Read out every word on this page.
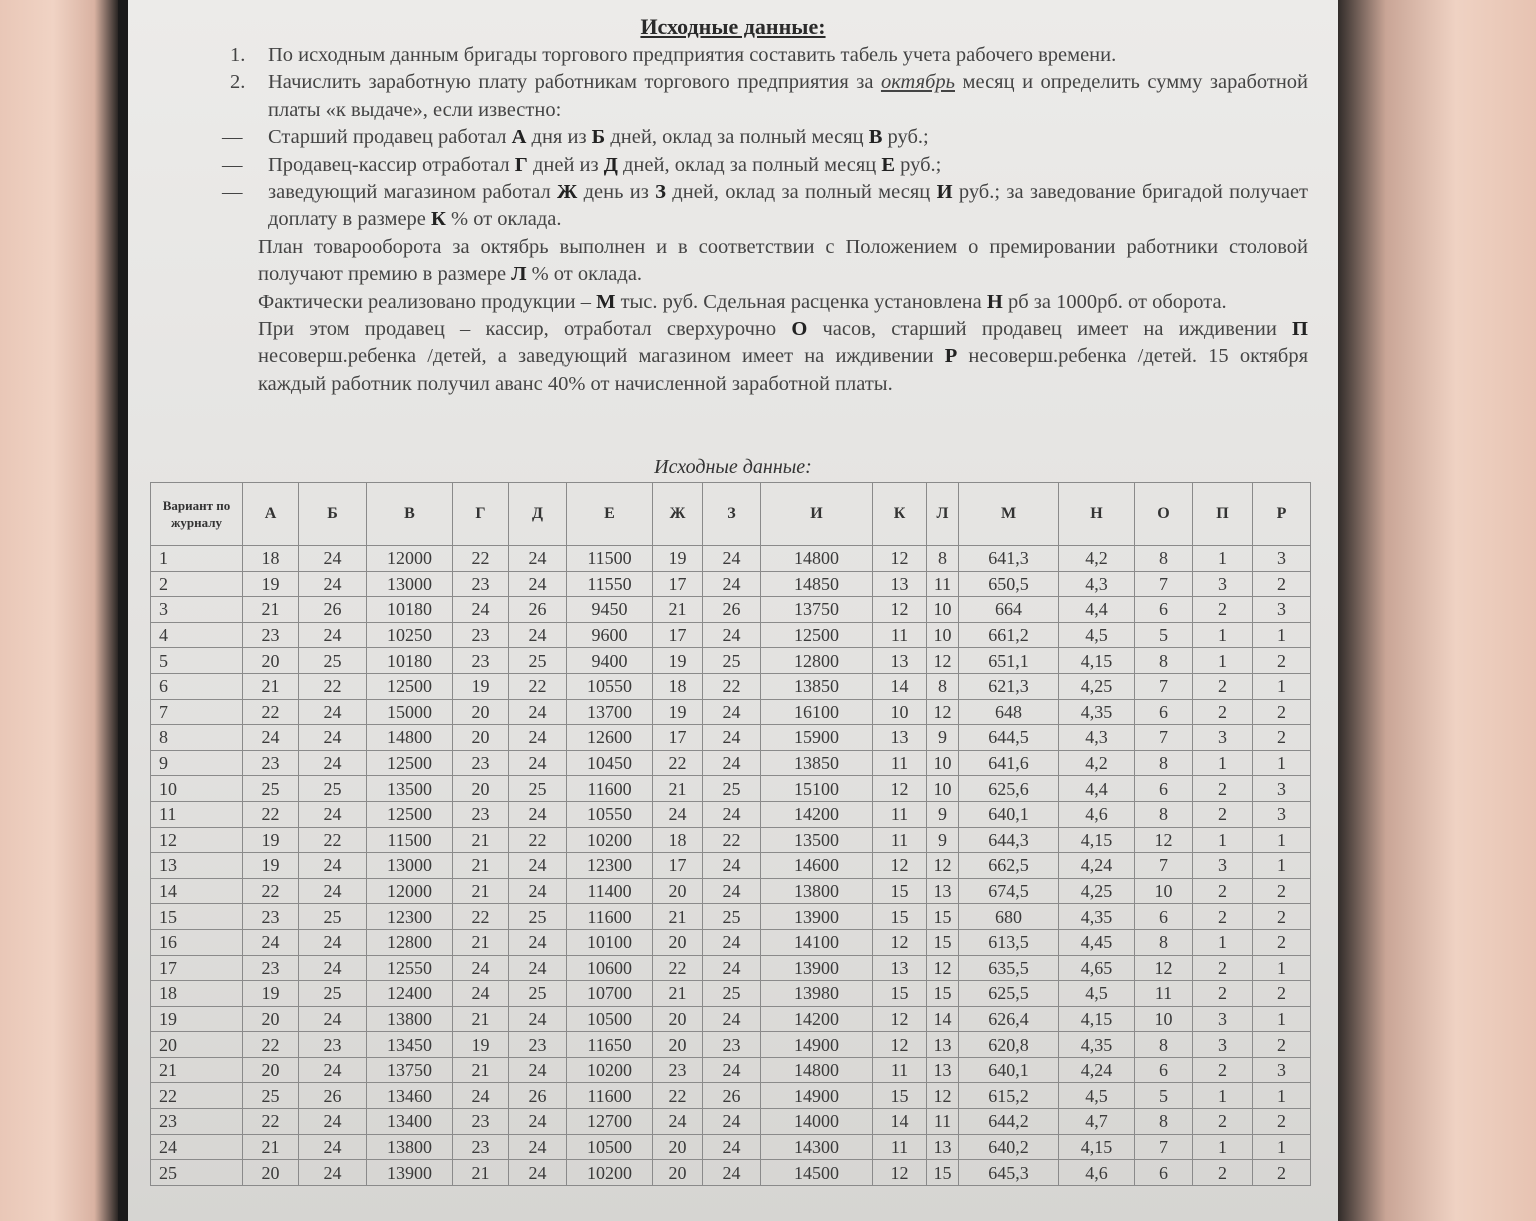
Исходные данные:

1. По исходным данным бригады торгового предприятия составить табель учета рабочего времени.

2. Начислить заработную плату работникам торгового предприятия за октябрь месяц и определить сумму заработной платы «к выдаче», если известно:

— Старший продавец работал А дня из Б дней, оклад за полный месяц В руб.;

— Продавец-кассир отработал Г дней из Д дней, оклад за полный месяц Е руб.;

— заведующий магазином работал Ж день из З дней, оклад за полный месяц И руб.; за заведование бригадой получает доплату в размере К % от оклада.

План товарооборота за октябрь выполнен и в соответствии с Положением о премировании работники столовой получают премию в размере Л % от оклада.

Фактически реализовано продукции – М тыс. руб. Сдельная расценка установлена Н рб за 1000рб. от оборота.

При этом продавец – кассир, отработал сверхурочно О часов, старший продавец имеет на иждивении П несоверш.ребенка /детей, а заведующий магазином имеет на иждивении Р несоверш.ребенка /детей. 15 октября каждый работник получил аванс 40% от начисленной заработной платы.

Исходные данные:
Вариант по журналу	А	Б	В	Г	Д	Е	Ж	З	И	К	Л	М	Н	О	П	Р
1	18	24	12000	22	24	11500	19	24	14800	12	8	641,3	4,2	8	1	3
2	19	24	13000	23	24	11550	17	24	14850	13	11	650,5	4,3	7	3	2
3	21	26	10180	24	26	9450	21	26	13750	12	10	664	4,4	6	2	3
4	23	24	10250	23	24	9600	17	24	12500	11	10	661,2	4,5	5	1	1
5	20	25	10180	23	25	9400	19	25	12800	13	12	651,1	4,15	8	1	2
6	21	22	12500	19	22	10550	18	22	13850	14	8	621,3	4,25	7	2	1
7	22	24	15000	20	24	13700	19	24	16100	10	12	648	4,35	6	2	2
8	24	24	14800	20	24	12600	17	24	15900	13	9	644,5	4,3	7	3	2
9	23	24	12500	23	24	10450	22	24	13850	11	10	641,6	4,2	8	1	1
10	25	25	13500	20	25	11600	21	25	15100	12	10	625,6	4,4	6	2	3
11	22	24	12500	23	24	10550	24	24	14200	11	9	640,1	4,6	8	2	3
12	19	22	11500	21	22	10200	18	22	13500	11	9	644,3	4,15	12	1	1
13	19	24	13000	21	24	12300	17	24	14600	12	12	662,5	4,24	7	3	1
14	22	24	12000	21	24	11400	20	24	13800	15	13	674,5	4,25	10	2	2
15	23	25	12300	22	25	11600	21	25	13900	15	15	680	4,35	6	2	2
16	24	24	12800	21	24	10100	20	24	14100	12	15	613,5	4,45	8	1	2
17	23	24	12550	24	24	10600	22	24	13900	13	12	635,5	4,65	12	2	1
18	19	25	12400	24	25	10700	21	25	13980	15	15	625,5	4,5	11	2	2
19	20	24	13800	21	24	10500	20	24	14200	12	14	626,4	4,15	10	3	1
20	22	23	13450	19	23	11650	20	23	14900	12	13	620,8	4,35	8	3	2
21	20	24	13750	21	24	10200	23	24	14800	11	13	640,1	4,24	6	2	3
22	25	26	13460	24	26	11600	22	26	14900	15	12	615,2	4,5	5	1	1
23	22	24	13400	23	24	12700	24	24	14000	14	11	644,2	4,7	8	2	2
24	21	24	13800	23	24	10500	20	24	14300	11	13	640,2	4,15	7	1	1
25	20	24	13900	21	24	10200	20	24	14500	12	15	645,3	4,6	6	2	2
